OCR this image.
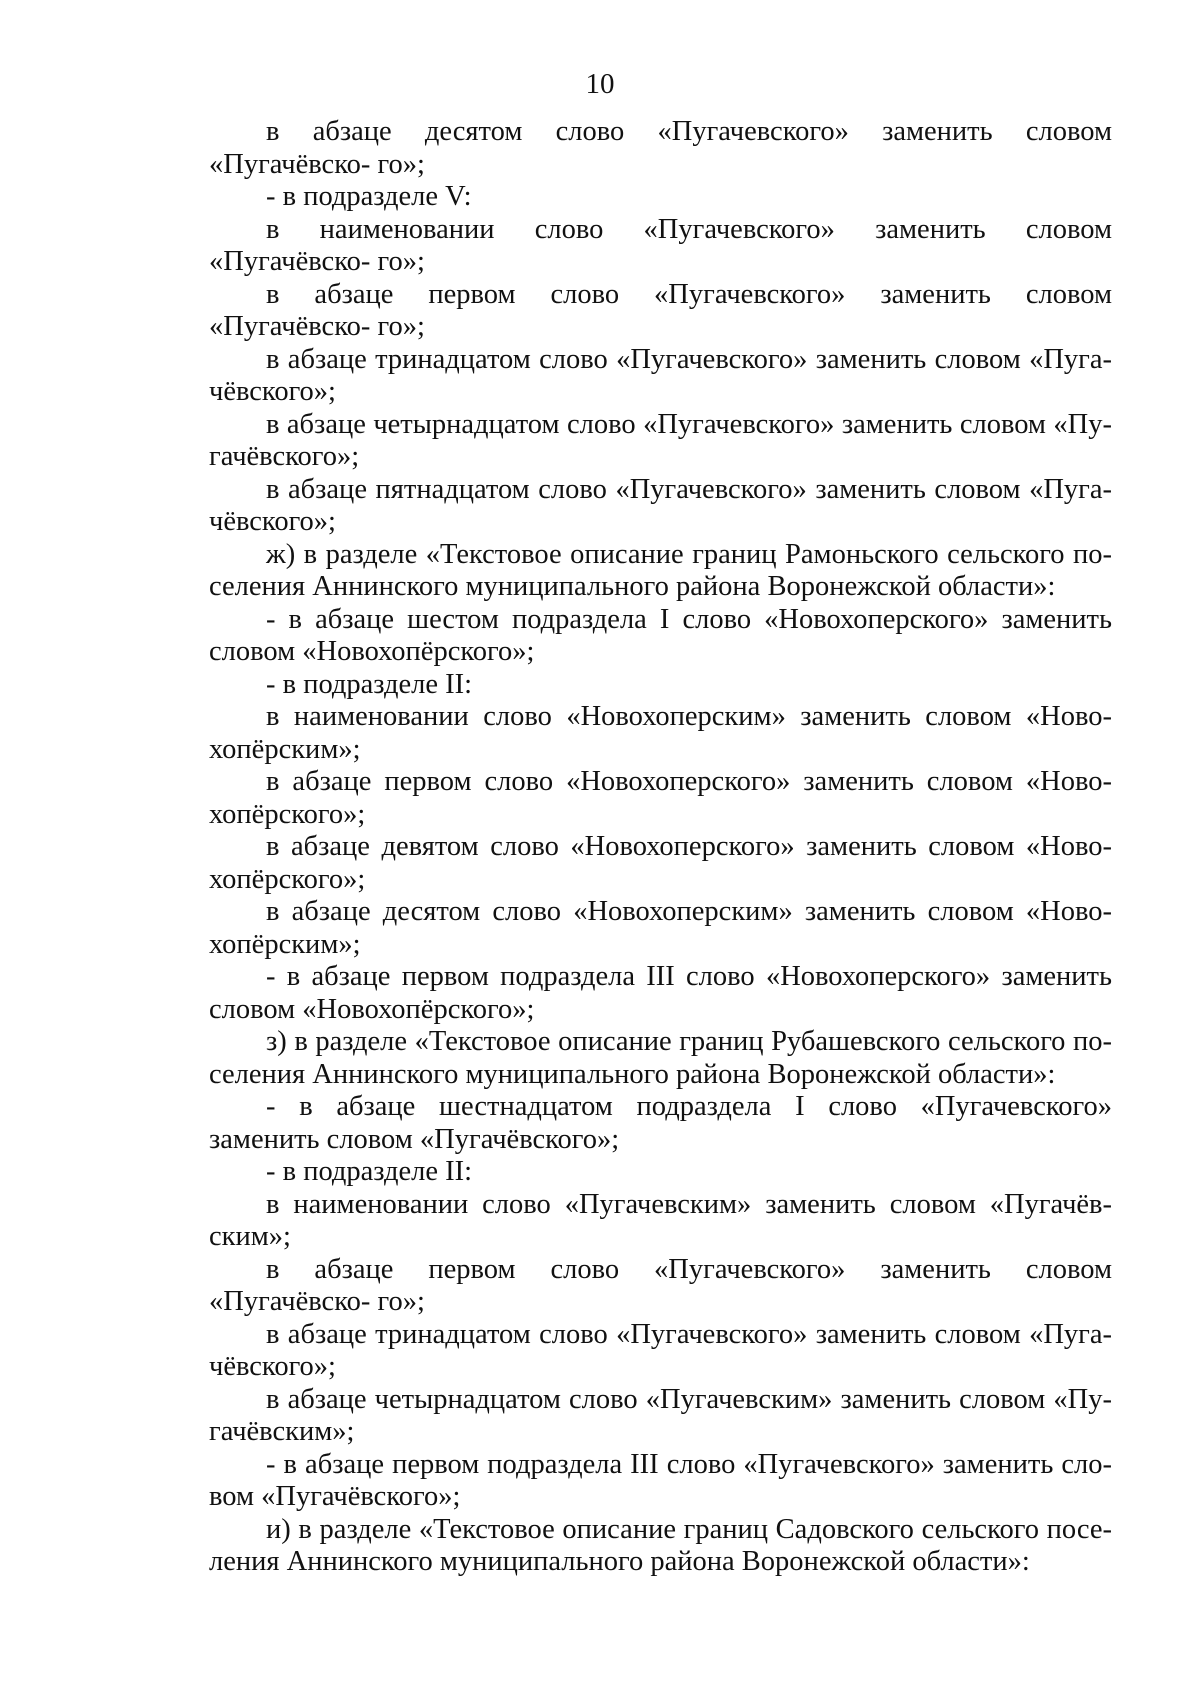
10

в абзаце десятом слово «Пугачевского» заменить словом «Пугачёвско- го»;

- в подразделе V:

в наименовании слово «Пугачевского» заменить словом «Пугачёвско- го»;

в абзаце первом слово «Пугачевского» заменить словом «Пугачёвско- го»;

в абзаце тринадцатом слово «Пугачевского» заменить словом «Пуга- чёвского»;

в абзаце четырнадцатом слово «Пугачевского» заменить словом «Пу- гачёвского»;

в абзаце пятнадцатом слово «Пугачевского» заменить словом «Пуга- чёвского»;

ж) в разделе «Текстовое описание границ Рамоньского сельского по- селения Аннинского муниципального района Воронежской области»:

- в абзаце шестом подраздела I слово «Новохоперского» заменить словом «Новохопёрского»;

- в подразделе II:

в наименовании слово «Новохоперским» заменить словом «Ново- хопёрским»;

в абзаце первом слово «Новохоперского» заменить словом «Ново- хопёрского»;

в абзаце девятом слово «Новохоперского» заменить словом «Ново- хопёрского»;

в абзаце десятом слово «Новохоперским» заменить словом «Ново- хопёрским»;

- в абзаце первом подраздела III слово «Новохоперского» заменить словом «Новохопёрского»;

з) в разделе «Текстовое описание границ Рубашевского сельского по- селения Аннинского муниципального района Воронежской области»:

- в абзаце шестнадцатом подраздела I слово «Пугачевского» заменить словом «Пугачёвского»;

- в подразделе II:

в наименовании слово «Пугачевским» заменить словом «Пугачёв- ским»;

в абзаце первом слово «Пугачевского» заменить словом «Пугачёвско- го»;

в абзаце тринадцатом слово «Пугачевского» заменить словом «Пуга- чёвского»;

в абзаце четырнадцатом слово «Пугачевским» заменить словом «Пу- гачёвским»;

- в абзаце первом подраздела III слово «Пугачевского» заменить сло- вом «Пугачёвского»;

и) в разделе «Текстовое описание границ Садовского сельского посе- ления Аннинского муниципального района Воронежской области»:
